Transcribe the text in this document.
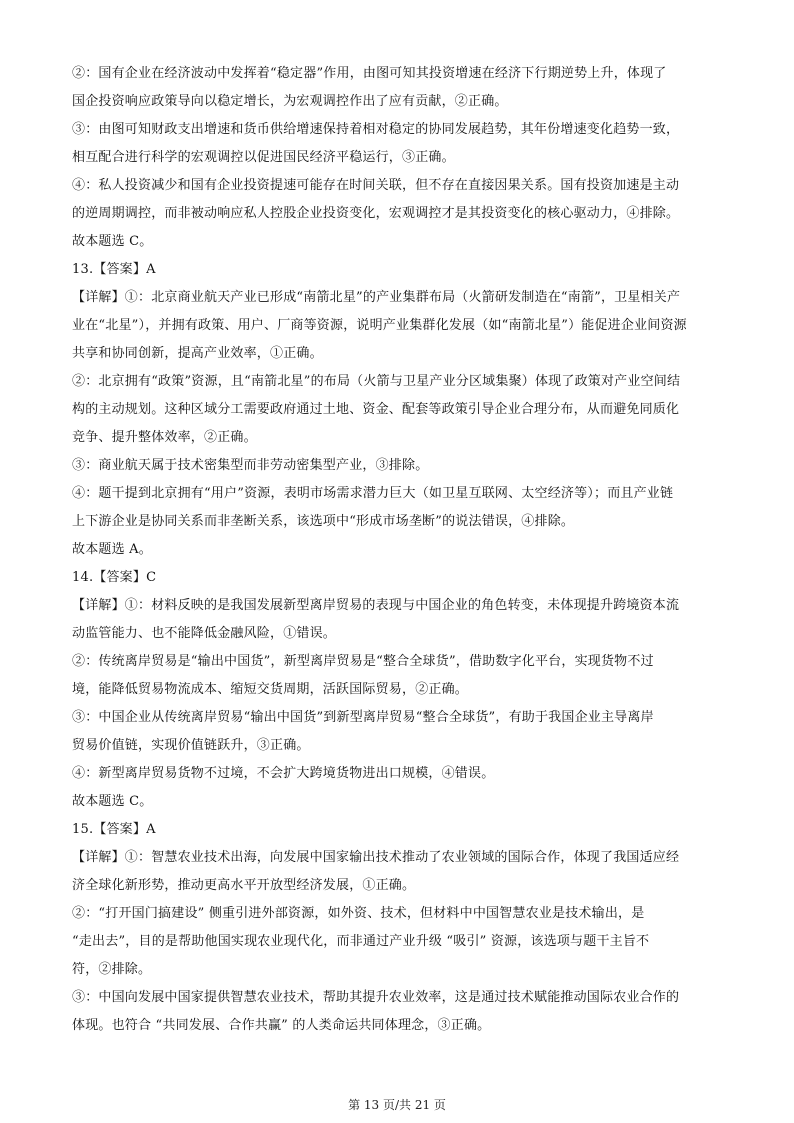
②：国有企业在经济波动中发挥着“稳定器”作用，由图可知其投资增速在经济下行期逆势上升，体现了
国企投资响应政策导向以稳定增长，为宏观调控作出了应有贡献，②正确。
③：由图可知财政支出增速和货币供给增速保持着相对稳定的协同发展趋势，其年份增速变化趋势一致，
相互配合进行科学的宏观调控以促进国民经济平稳运行，③正确。
④：私人投资减少和国有企业投资提速可能存在时间关联，但不存在直接因果关系。国有投资加速是主动
的逆周期调控，而非被动响应私人控股企业投资变化，宏观调控才是其投资变化的核心驱动力，④排除。
故本题选 C。
13.【答案】A
【详解】①：北京商业航天产业已形成“南箭北星”的产业集群布局（火箭研发制造在“南箭”，卫星相关产
业在“北星”），并拥有政策、用户、厂商等资源，说明产业集群化发展（如“南箭北星”）能促进企业间资源
共享和协同创新，提高产业效率，①正确。
②：北京拥有“政策”资源，且“南箭北星”的布局（火箭与卫星产业分区域集聚）体现了政策对产业空间结
构的主动规划。这种区域分工需要政府通过土地、资金、配套等政策引导企业合理分布，从而避免同质化
竞争、提升整体效率，②正确。
③：商业航天属于技术密集型而非劳动密集型产业，③排除。
④：题干提到北京拥有“用户”资源，表明市场需求潜力巨大（如卫星互联网、太空经济等）；而且产业链
上下游企业是协同关系而非垄断关系，该选项中“形成市场垄断”的说法错误，④排除。
故本题选 A。
14.【答案】C
【详解】①：材料反映的是我国发展新型离岸贸易的表现与中国企业的角色转变，未体现提升跨境资本流
动监管能力、也不能降低金融风险，①错误。
②：传统离岸贸易是“输出中国货”，新型离岸贸易是“整合全球货”，借助数字化平台，实现货物不过
境，能降低贸易物流成本、缩短交货周期，活跃国际贸易，②正确。
③：中国企业从传统离岸贸易“输出中国货”到新型离岸贸易“整合全球货”，有助于我国企业主导离岸
贸易价值链，实现价值链跃升，③正确。
④：新型离岸贸易货物不过境，不会扩大跨境货物进出口规模，④错误。
故本题选 C。
15.【答案】A
【详解】①：智慧农业技术出海，向发展中国家输出技术推动了农业领域的国际合作，体现了我国适应经
济全球化新形势，推动更高水平开放型经济发展，①正确。
②：“打开国门搞建设” 侧重引进外部资源，如外资、技术，但材料中中国智慧农业是技术输出，是
“走出去”，目的是帮助他国实现农业现代化，而非通过产业升级 “吸引” 资源，该选项与题干主旨不
符，②排除。
③：中国向发展中国家提供智慧农业技术，帮助其提升农业效率，这是通过技术赋能推动国际农业合作的
体现。也符合 “共同发展、合作共赢” 的人类命运共同体理念，③正确。
第 13 页/共 21 页
